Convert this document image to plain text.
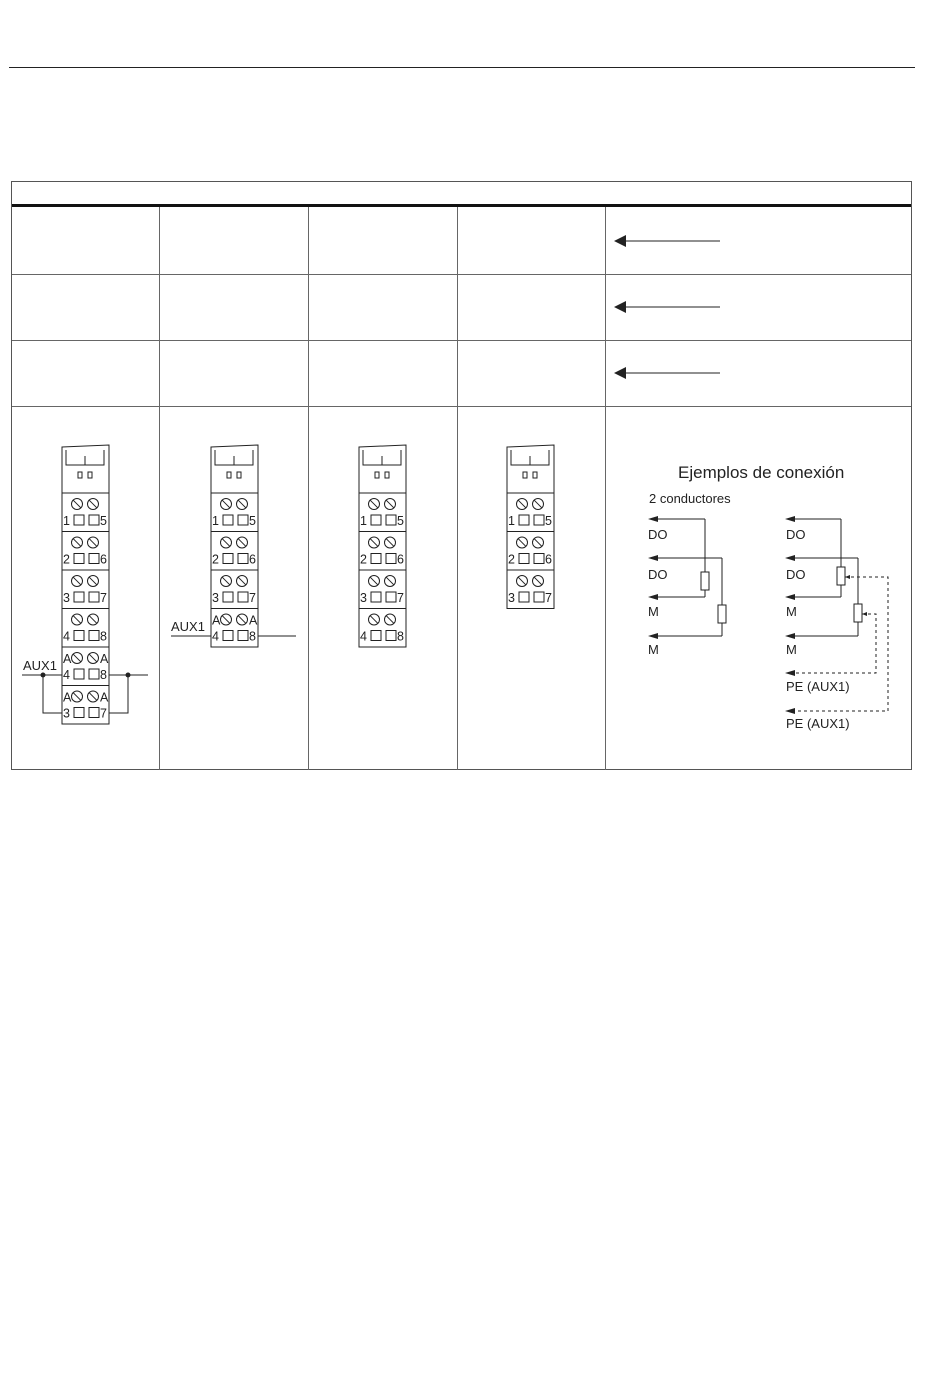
1 5
2 6
3 7
4 8
4 8
A A
3 7
A A
1 5
2 6
3 7
4 8
A A
1 5
2 6
3 7
4 8
1 5
2 6
3 7
AUX1
AUX1
Ejemplos de conexión
2 conductores
DO
DO
M
M
DO
DO
M
M
PE (AUX1)
PE (AUX1)
